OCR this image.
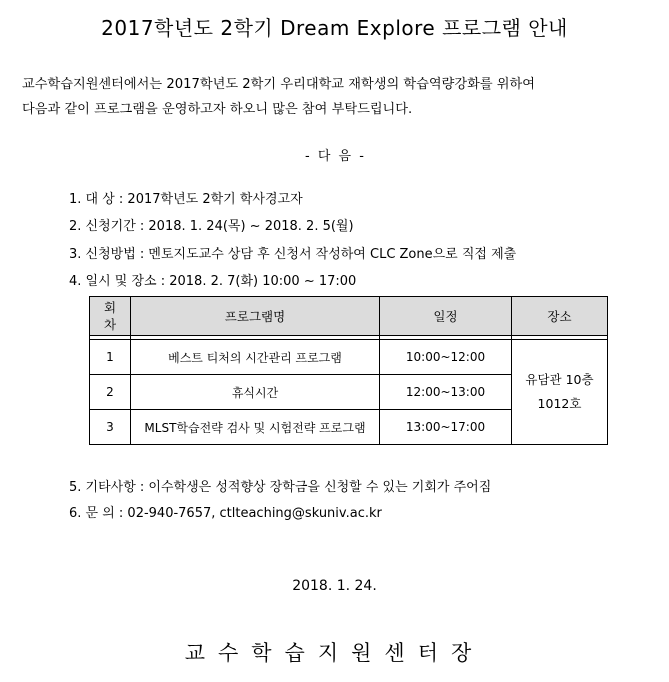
2017학년도 2학기 Dream Explore 프로그램 안내
교수학습지원센터에서는 2017학년도 2학기 우리대학교 재학생의 학습역량강화를 위하여
다음과 같이 프로그램을 운영하고자 하오니 많은 참여 부탁드립니다.
- 다 음 -
1. 대 상 : 2017학년도 2학기 학사경고자
2. 신청기간 : 2018. 1. 24(목) ~ 2018. 2. 5(월)
3. 신청방법 : 멘토지도교수 상담 후 신청서 작성하여 CLC Zone으로 직접 제출
4. 일시 및 장소 : 2018. 2. 7(화) 10:00 ~ 17:00
회
차	프로그램명	일정	장소

1	베스트 티처의 시간관리 프로그램	10:00~12:00	유담관 10층
1012호

2	휴식시간	12:00~13:00	
3	MLST학습전략 검사 및 시험전략 프로그램	13:00~17:00	
5. 기타사항 : 이수학생은 성적향상 장학금을 신청할 수 있는 기회가 주어짐
6. 문 의 : 02-940-7657, ctlteaching@skuniv.ac.kr
2018. 1. 24.
교수학습지원센터장
